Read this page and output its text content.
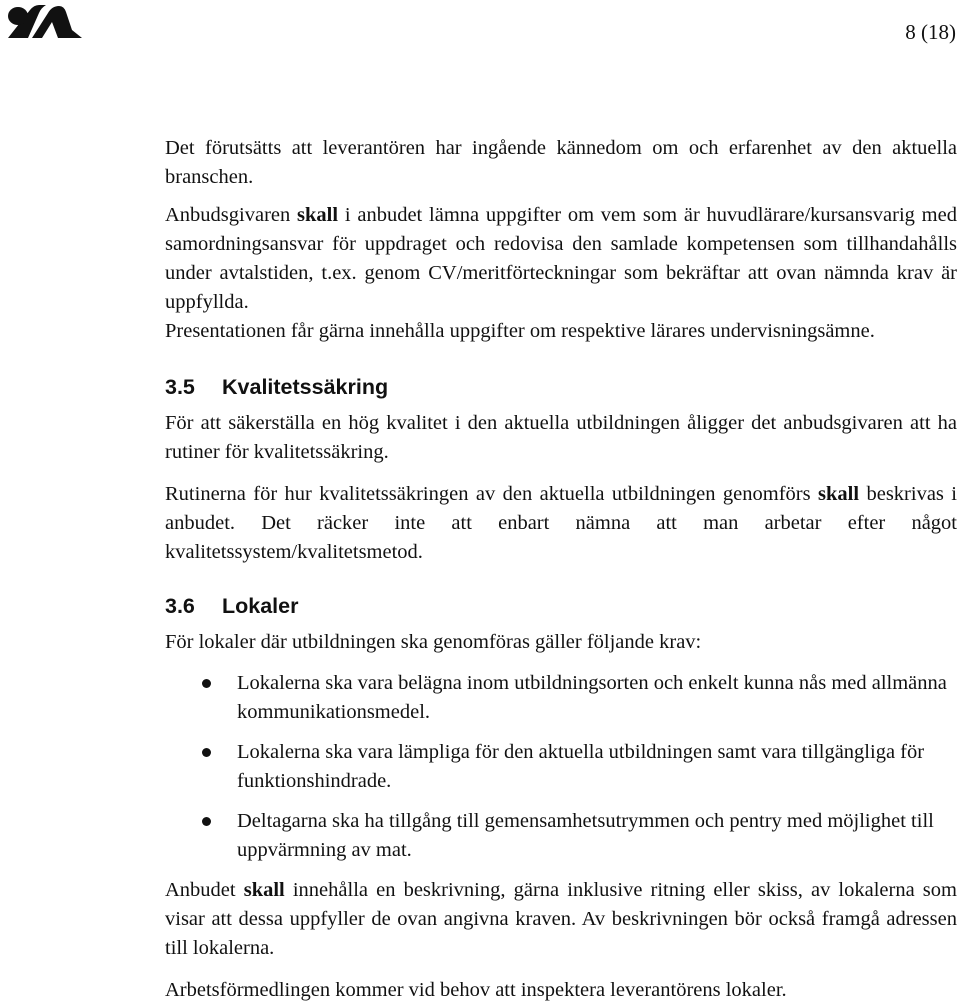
8 (18)

Det förutsätts att leverantören har ingående kännedom om och erfarenhet av den aktuella branschen.

Anbudsgivaren skall i anbudet lämna uppgifter om vem som är huvudlärare/kursansvarig med samordningsansvar för uppdraget och redovisa den samlade kompetensen som tillhandahålls under avtalstiden, t.ex. genom CV/meritförteckningar som bekräftar att ovan nämnda krav är uppfyllda.

Presentationen får gärna innehålla uppgifter om respektive lärares undervisningsämne.

3.5 Kvalitetssäkring

För att säkerställa en hög kvalitet i den aktuella utbildningen åligger det anbudsgivaren att ha rutiner för kvalitetssäkring.

Rutinerna för hur kvalitetssäkringen av den aktuella utbildningen genomförs skall beskrivas i anbudet. Det räcker inte att enbart nämna att man arbetar efter något kvalitetssystem/kvalitetsmetod.

3.6 Lokaler

För lokaler där utbildningen ska genomföras gäller följande krav:

Lokalerna ska vara belägna inom utbildningsorten och enkelt kunna nås med allmänna kommunikationsmedel.
Lokalerna ska vara lämpliga för den aktuella utbildningen samt vara tillgängliga för funktionshindrade.
Deltagarna ska ha tillgång till gemensamhetsutrymmen och pentry med möjlighet till uppvärmning av mat.

Anbudet skall innehålla en beskrivning, gärna inklusive ritning eller skiss, av lokalerna som visar att dessa uppfyller de ovan angivna kraven. Av beskrivningen bör också framgå adressen till lokalerna.

Arbetsförmedlingen kommer vid behov att inspektera leverantörens lokaler.
